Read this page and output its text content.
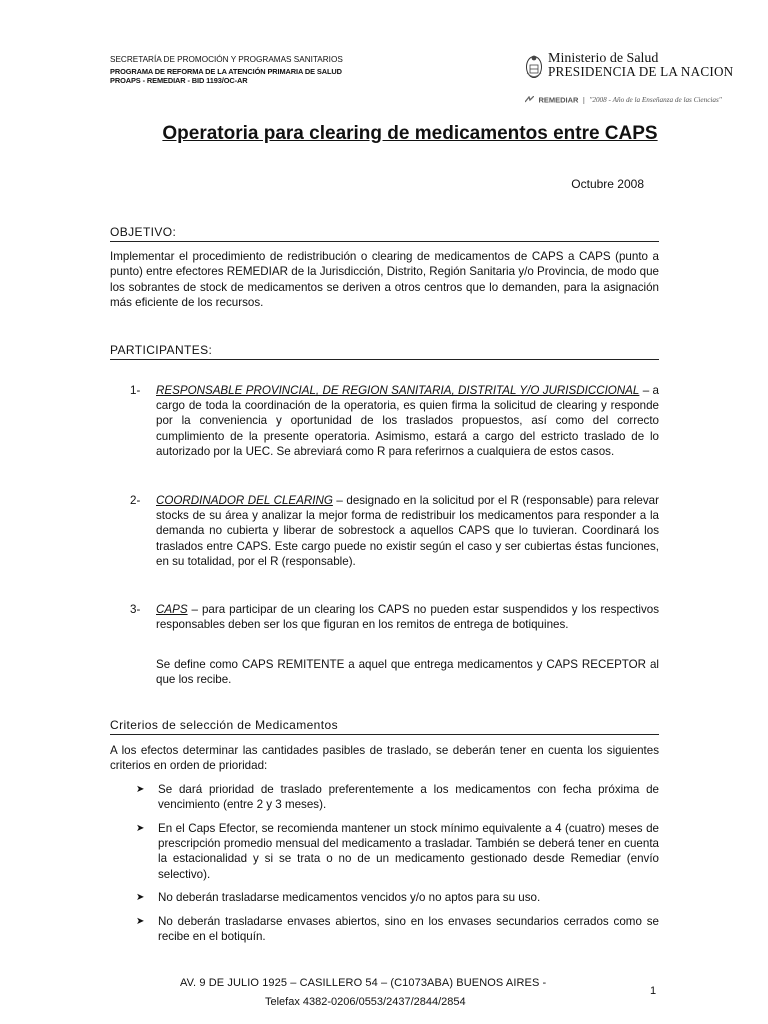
SECRETARÍA DE PROMOCIÓN Y PROGRAMAS SANITARIOS
PROGRAMA DE REFORMA DE LA ATENCIÓN PRIMARIA DE SALUD
PROAPS - REMEDIAR - BID 1193/OC-AR
Ministerio de Salud
PRESIDENCIA DE LA NACION
REMEDIAR | "2008 - Año de la Enseñanza de las Ciencias"
Operatoria para clearing de medicamentos entre CAPS
Octubre 2008
OBJETIVO:
Implementar el procedimiento de redistribución o clearing de medicamentos de CAPS a CAPS (punto a punto) entre efectores REMEDIAR de la Jurisdicción, Distrito, Región Sanitaria y/o Provincia, de modo que los sobrantes de stock de medicamentos se deriven a otros centros que lo demanden, para la asignación más eficiente de los recursos.
PARTICIPANTES:
1-	RESPONSABLE PROVINCIAL, DE REGION SANITARIA, DISTRITAL Y/O JURISDICCIONAL – a cargo de toda la coordinación de la operatoria, es quien firma la solicitud de clearing y responde por la conveniencia y oportunidad de los traslados propuestos, así como del correcto cumplimiento de la presente operatoria. Asimismo, estará a cargo del estricto traslado de lo autorizado por la UEC. Se abreviará como R para referirnos a cualquiera de estos casos.
2-	COORDINADOR DEL CLEARING – designado en la solicitud por el R (responsable) para relevar stocks de su área y analizar la mejor forma de redistribuir los medicamentos para responder a la demanda no cubierta y liberar de sobrestock a aquellos CAPS que lo tuvieran. Coordinará los traslados entre CAPS. Este cargo puede no existir según el caso y ser cubiertas éstas funciones, en su totalidad, por el R (responsable).
3-	CAPS – para participar de un clearing los CAPS no pueden estar suspendidos y los respectivos responsables deben ser los que figuran en los remitos de entrega de botiquines.
Se define como CAPS REMITENTE a aquel que entrega medicamentos y CAPS RECEPTOR al que los recibe.
Criterios de selección de Medicamentos
A los efectos determinar las cantidades pasibles de traslado, se deberán tener en cuenta los siguientes criterios en orden de prioridad:
➤ Se dará prioridad de traslado preferentemente a los medicamentos con fecha próxima de vencimiento (entre 2 y 3 meses).
➤ En el Caps Efector, se recomienda mantener un stock mínimo equivalente a 4 (cuatro) meses de prescripción promedio mensual del medicamento a trasladar. También se deberá tener en cuenta la estacionalidad y si se trata o no de un medicamento gestionado desde Remediar (envío selectivo).
➤ No deberán trasladarse medicamentos vencidos y/o no aptos para su uso.
➤ No deberán trasladarse envases abiertos, sino en los envases secundarios cerrados como se recibe en el botiquín.
AV. 9 DE JULIO 1925 – CASILLERO 54 – (C1073ABA) BUENOS AIRES -
Telefax 4382-0206/0553/2437/2844/2854
1
